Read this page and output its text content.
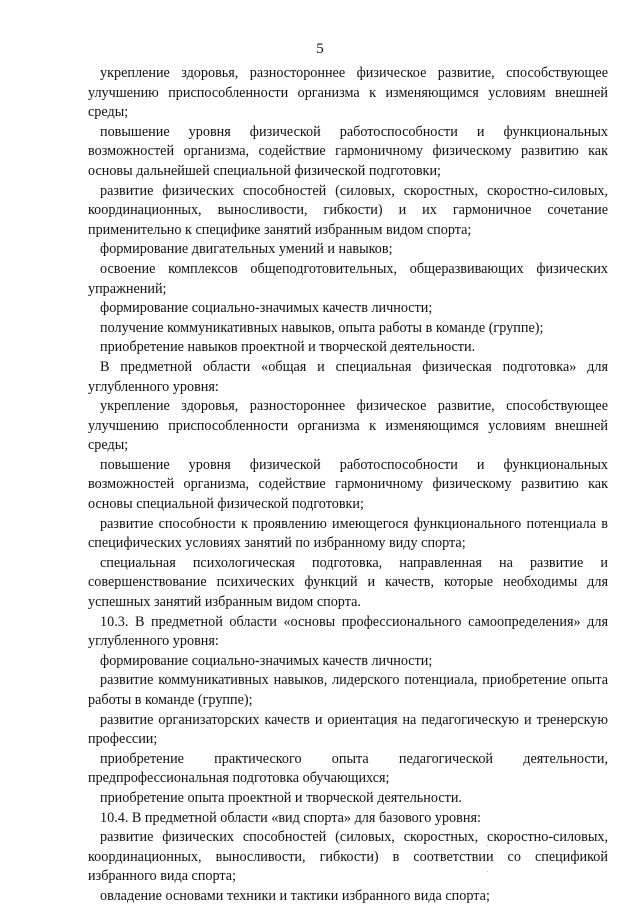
5

укрепление здоровья, разностороннее физическое развитие, способствующее улучшению приспособленности организма к изменяющимся условиям внешней среды;

повышение уровня физической работоспособности и функциональных возможностей организма, содействие гармоничному физическому развитию как основы дальнейшей специальной физической подготовки;

развитие физических способностей (силовых, скоростных, скоростно-силовых, координационных, выносливости, гибкости) и их гармоничное сочетание применительно к специфике занятий избранным видом спорта;

формирование двигательных умений и навыков;

освоение комплексов общеподготовительных, общеразвивающих физических упражнений;

формирование социально-значимых качеств личности;

получение коммуникативных навыков, опыта работы в команде (группе);

приобретение навыков проектной и творческой деятельности.

В предметной области «общая и специальная физическая подготовка» для углубленного уровня:

укрепление здоровья, разностороннее физическое развитие, способствующее улучшению приспособленности организма к изменяющимся условиям внешней среды;

повышение уровня физической работоспособности и функциональных возможностей организма, содействие гармоничному физическому развитию как основы специальной физической подготовки;

развитие способности к проявлению имеющегося функционального потенциала в специфических условиях занятий по избранному виду спорта;

специальная психологическая подготовка, направленная на развитие и совершенствование психических функций и качеств, которые необходимы для успешных занятий избранным видом спорта.

10.3. В предметной области «основы профессионального самоопределения» для углубленного уровня:

формирование социально-значимых качеств личности;

развитие коммуникативных навыков, лидерского потенциала, приобретение опыта работы в команде (группе);

развитие организаторских качеств и ориентация на педагогическую и тренерскую профессии;

приобретение практического опыта педагогической деятельности, предпрофессиональная подготовка обучающихся;

приобретение опыта проектной и творческой деятельности.

10.4. В предметной области «вид спорта» для базового уровня:

развитие физических способностей (силовых, скоростных, скоростно-силовых, координационных, выносливости, гибкости) в соответствии со спецификой избранного вида спорта;

овладение основами техники и тактики избранного вида спорта;
